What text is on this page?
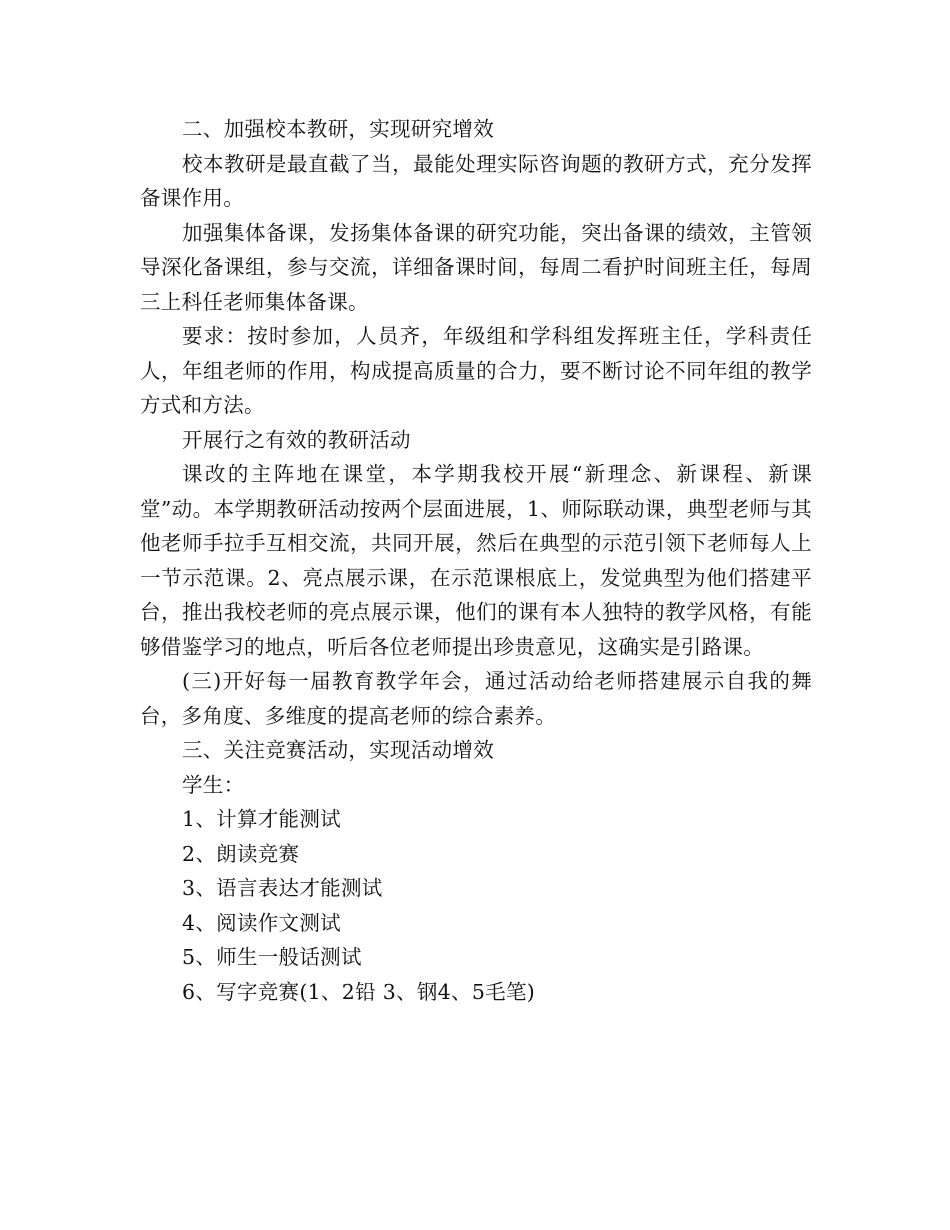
二、加强校本教研，实现研究增效

校本教研是最直截了当，最能处理实际咨询题的教研方式，充分发挥备课作用。

加强集体备课，发扬集体备课的研究功能，突出备课的绩效，主管领导深化备课组，参与交流，详细备课时间，每周二看护时间班主任，每周三上科任老师集体备课。

要求：按时参加，人员齐，年级组和学科组发挥班主任，学科责任人，年组老师的作用，构成提高质量的合力，要不断讨论不同年组的教学方式和方法。

开展行之有效的教研活动

课改的主阵地在课堂，本学期我校开展“新理念、新课程、新课堂”动。本学期教研活动按两个层面进展，1、师际联动课，典型老师与其他老师手拉手互相交流，共同开展，然后在典型的示范引领下老师每人上一节示范课。2、亮点展示课，在示范课根底上，发觉典型为他们搭建平台，推出我校老师的亮点展示课，他们的课有本人独特的教学风格，有能够借鉴学习的地点，听后各位老师提出珍贵意见，这确实是引路课。

(三)开好每一届教育教学年会，通过活动给老师搭建展示自我的舞台，多角度、多维度的提高老师的综合素养。

三、关注竞赛活动，实现活动增效

学生：

1、计算才能测试

2、朗读竞赛

3、语言表达才能测试

4、阅读作文测试

5、师生一般话测试

6、写字竞赛(1、2铅 3、钢4、5毛笔)
